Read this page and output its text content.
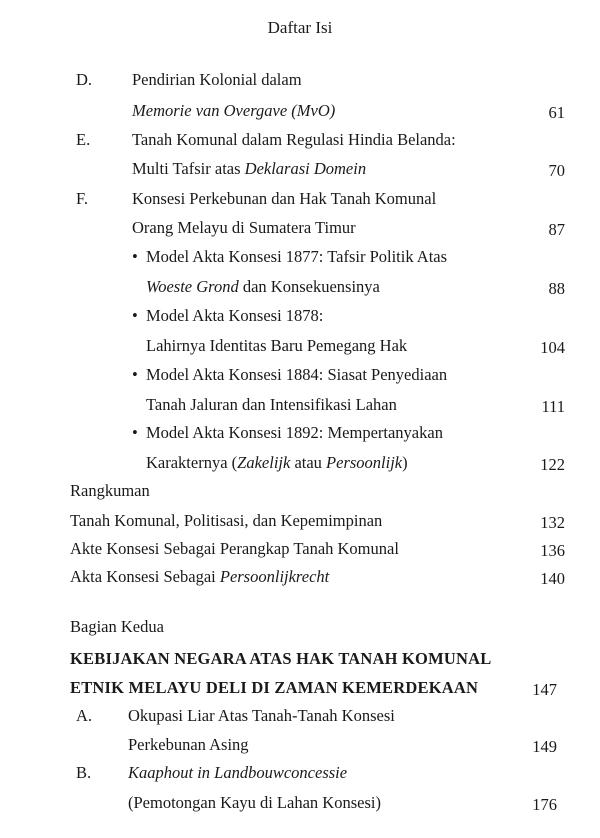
Daftar Isi
D. Pendirian Kolonial dalam
Memorie van Overgave (MvO)	61
E.	Tanah Komunal dalam Regulasi Hindia Belanda:
Multi Tafsir atas Deklarasi Domein	70
F.	Konsesi Perkebunan dan Hak Tanah Komunal
Orang Melayu di Sumatera Timur	87
• Model Akta Konsesi 1877: Tafsir Politik Atas
Woeste Grond dan Konsekuensinya	88
• Model Akta Konsesi 1878:
Lahirnya Identitas Baru Pemegang Hak	104
• Model Akta Konsesi 1884: Siasat Penyediaan
Tanah Jaluran dan Intensifikasi Lahan	111
• Model Akta Konsesi 1892: Mempertanyakan
Karakternya (Zakelijk atau Persoonlijk)	122
Rangkuman
Tanah Komunal, Politisasi, dan Kepemimpinan	132
Akte Konsesi Sebagai Perangkap Tanah Komunal	136
Akta Konsesi Sebagai Persoonlijkrecht	140
Bagian Kedua
KEBIJAKAN NEGARA ATAS HAK TANAH KOMUNAL
ETNIK MELAYU DELI DI ZAMAN KEMERDEKAAN	147
A. Okupasi Liar Atas Tanah-Tanah Konsesi
Perkebunan Asing	149
B. Kaaphout in Landbouwconcessie
(Pemotongan Kayu di Lahan Konsesi)	176
